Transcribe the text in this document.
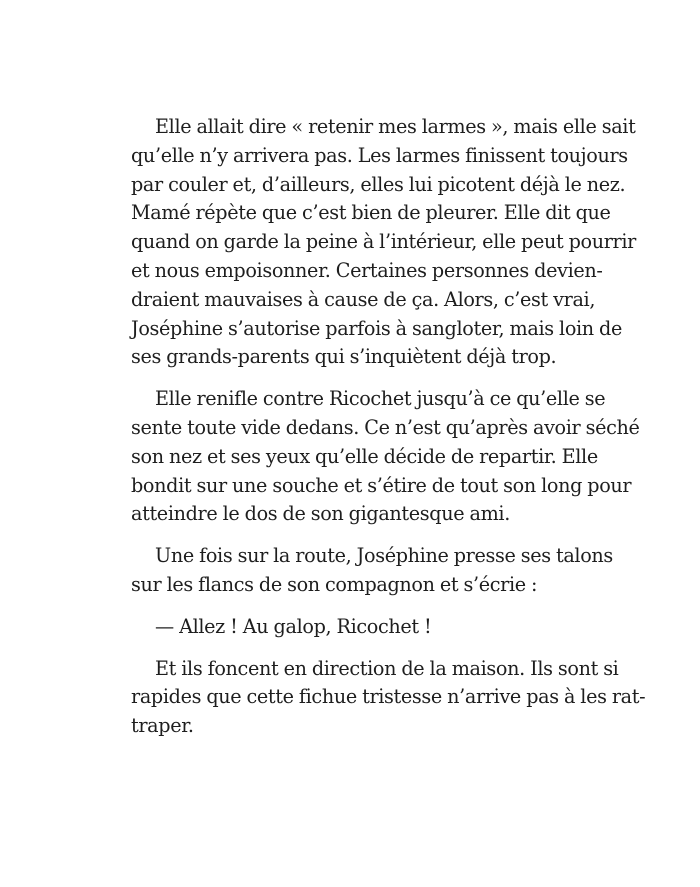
Elle allait dire « retenir mes larmes », mais elle sait
qu’elle n’y arrivera pas. Les larmes finissent toujours
par couler et, d’ailleurs, elles lui picotent déjà le nez.
Mamé répète que c’est bien de pleurer. Elle dit que
quand on garde la peine à l’intérieur, elle peut pourrir
et nous empoisonner. Certaines personnes devien-
draient mauvaises à cause de ça. Alors, c’est vrai,
Joséphine s’autorise parfois à sangloter, mais loin de
ses grands-parents qui s’inquiètent déjà trop.
Elle renifle contre Ricochet jusqu’à ce qu’elle se
sente toute vide dedans. Ce n’est qu’après avoir séché
son nez et ses yeux qu’elle décide de repartir. Elle
bondit sur une souche et s’étire de tout son long pour
atteindre le dos de son gigantesque ami.
Une fois sur la route, Joséphine presse ses talons
sur les flancs de son compagnon et s’écrie :
— Allez ! Au galop, Ricochet !
Et ils foncent en direction de la maison. Ils sont si
rapides que cette fichue tristesse n’arrive pas à les rat-
traper.
